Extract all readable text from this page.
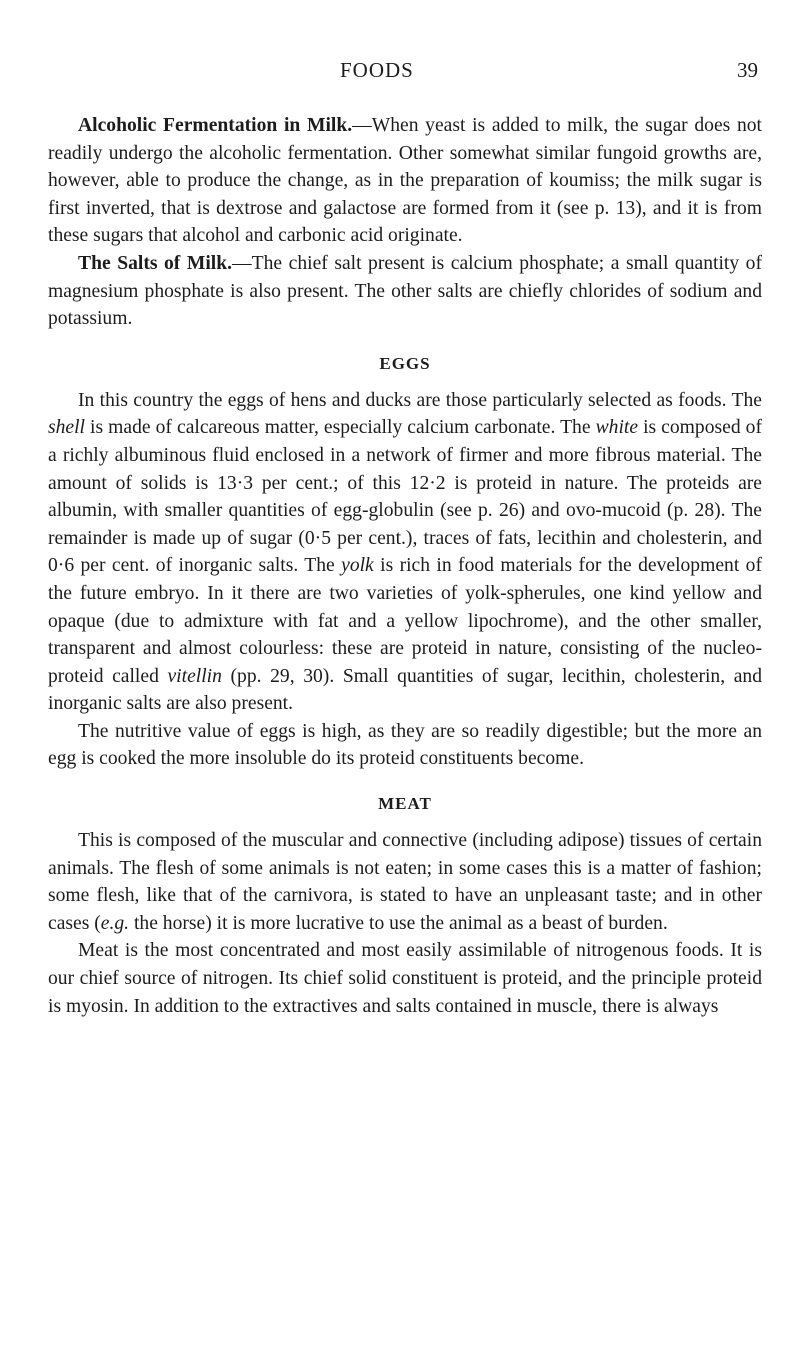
FOODS	39

Alcoholic Fermentation in Milk.—When yeast is added to milk, the sugar does not readily undergo the alcoholic fermentation. Other somewhat similar fungoid growths are, however, able to produce the change, as in the preparation of koumiss; the milk sugar is first inverted, that is dextrose and galactose are formed from it (see p. 13), and it is from these sugars that alcohol and carbonic acid originate.

The Salts of Milk.—The chief salt present is calcium phosphate; a small quantity of magnesium phosphate is also present. The other salts are chiefly chlorides of sodium and potassium.

EGGS

In this country the eggs of hens and ducks are those particularly selected as foods. The shell is made of calcareous matter, especially calcium carbonate. The white is composed of a richly albuminous fluid enclosed in a network of firmer and more fibrous material. The amount of solids is 13·3 per cent.; of this 12·2 is proteid in nature. The proteids are albumin, with smaller quantities of egg-globulin (see p. 26) and ovo-mucoid (p. 28). The remainder is made up of sugar (0·5 per cent.), traces of fats, lecithin and cholesterin, and 0·6 per cent. of inorganic salts. The yolk is rich in food materials for the development of the future embryo. In it there are two varieties of yolk-spherules, one kind yellow and opaque (due to admixture with fat and a yellow lipochrome), and the other smaller, transparent and almost colourless: these are proteid in nature, consisting of the nucleo-proteid called vitellin (pp. 29, 30). Small quantities of sugar, lecithin, cholesterin, and inorganic salts are also present.

The nutritive value of eggs is high, as they are so readily digestible; but the more an egg is cooked the more insoluble do its proteid constituents become.

MEAT

This is composed of the muscular and connective (including adipose) tissues of certain animals. The flesh of some animals is not eaten; in some cases this is a matter of fashion; some flesh, like that of the carnivora, is stated to have an unpleasant taste; and in other cases (e.g. the horse) it is more lucrative to use the animal as a beast of burden.

Meat is the most concentrated and most easily assimilable of nitrogenous foods. It is our chief source of nitrogen. Its chief solid constituent is proteid, and the principle proteid is myosin. In addition to the extractives and salts contained in muscle, there is always
